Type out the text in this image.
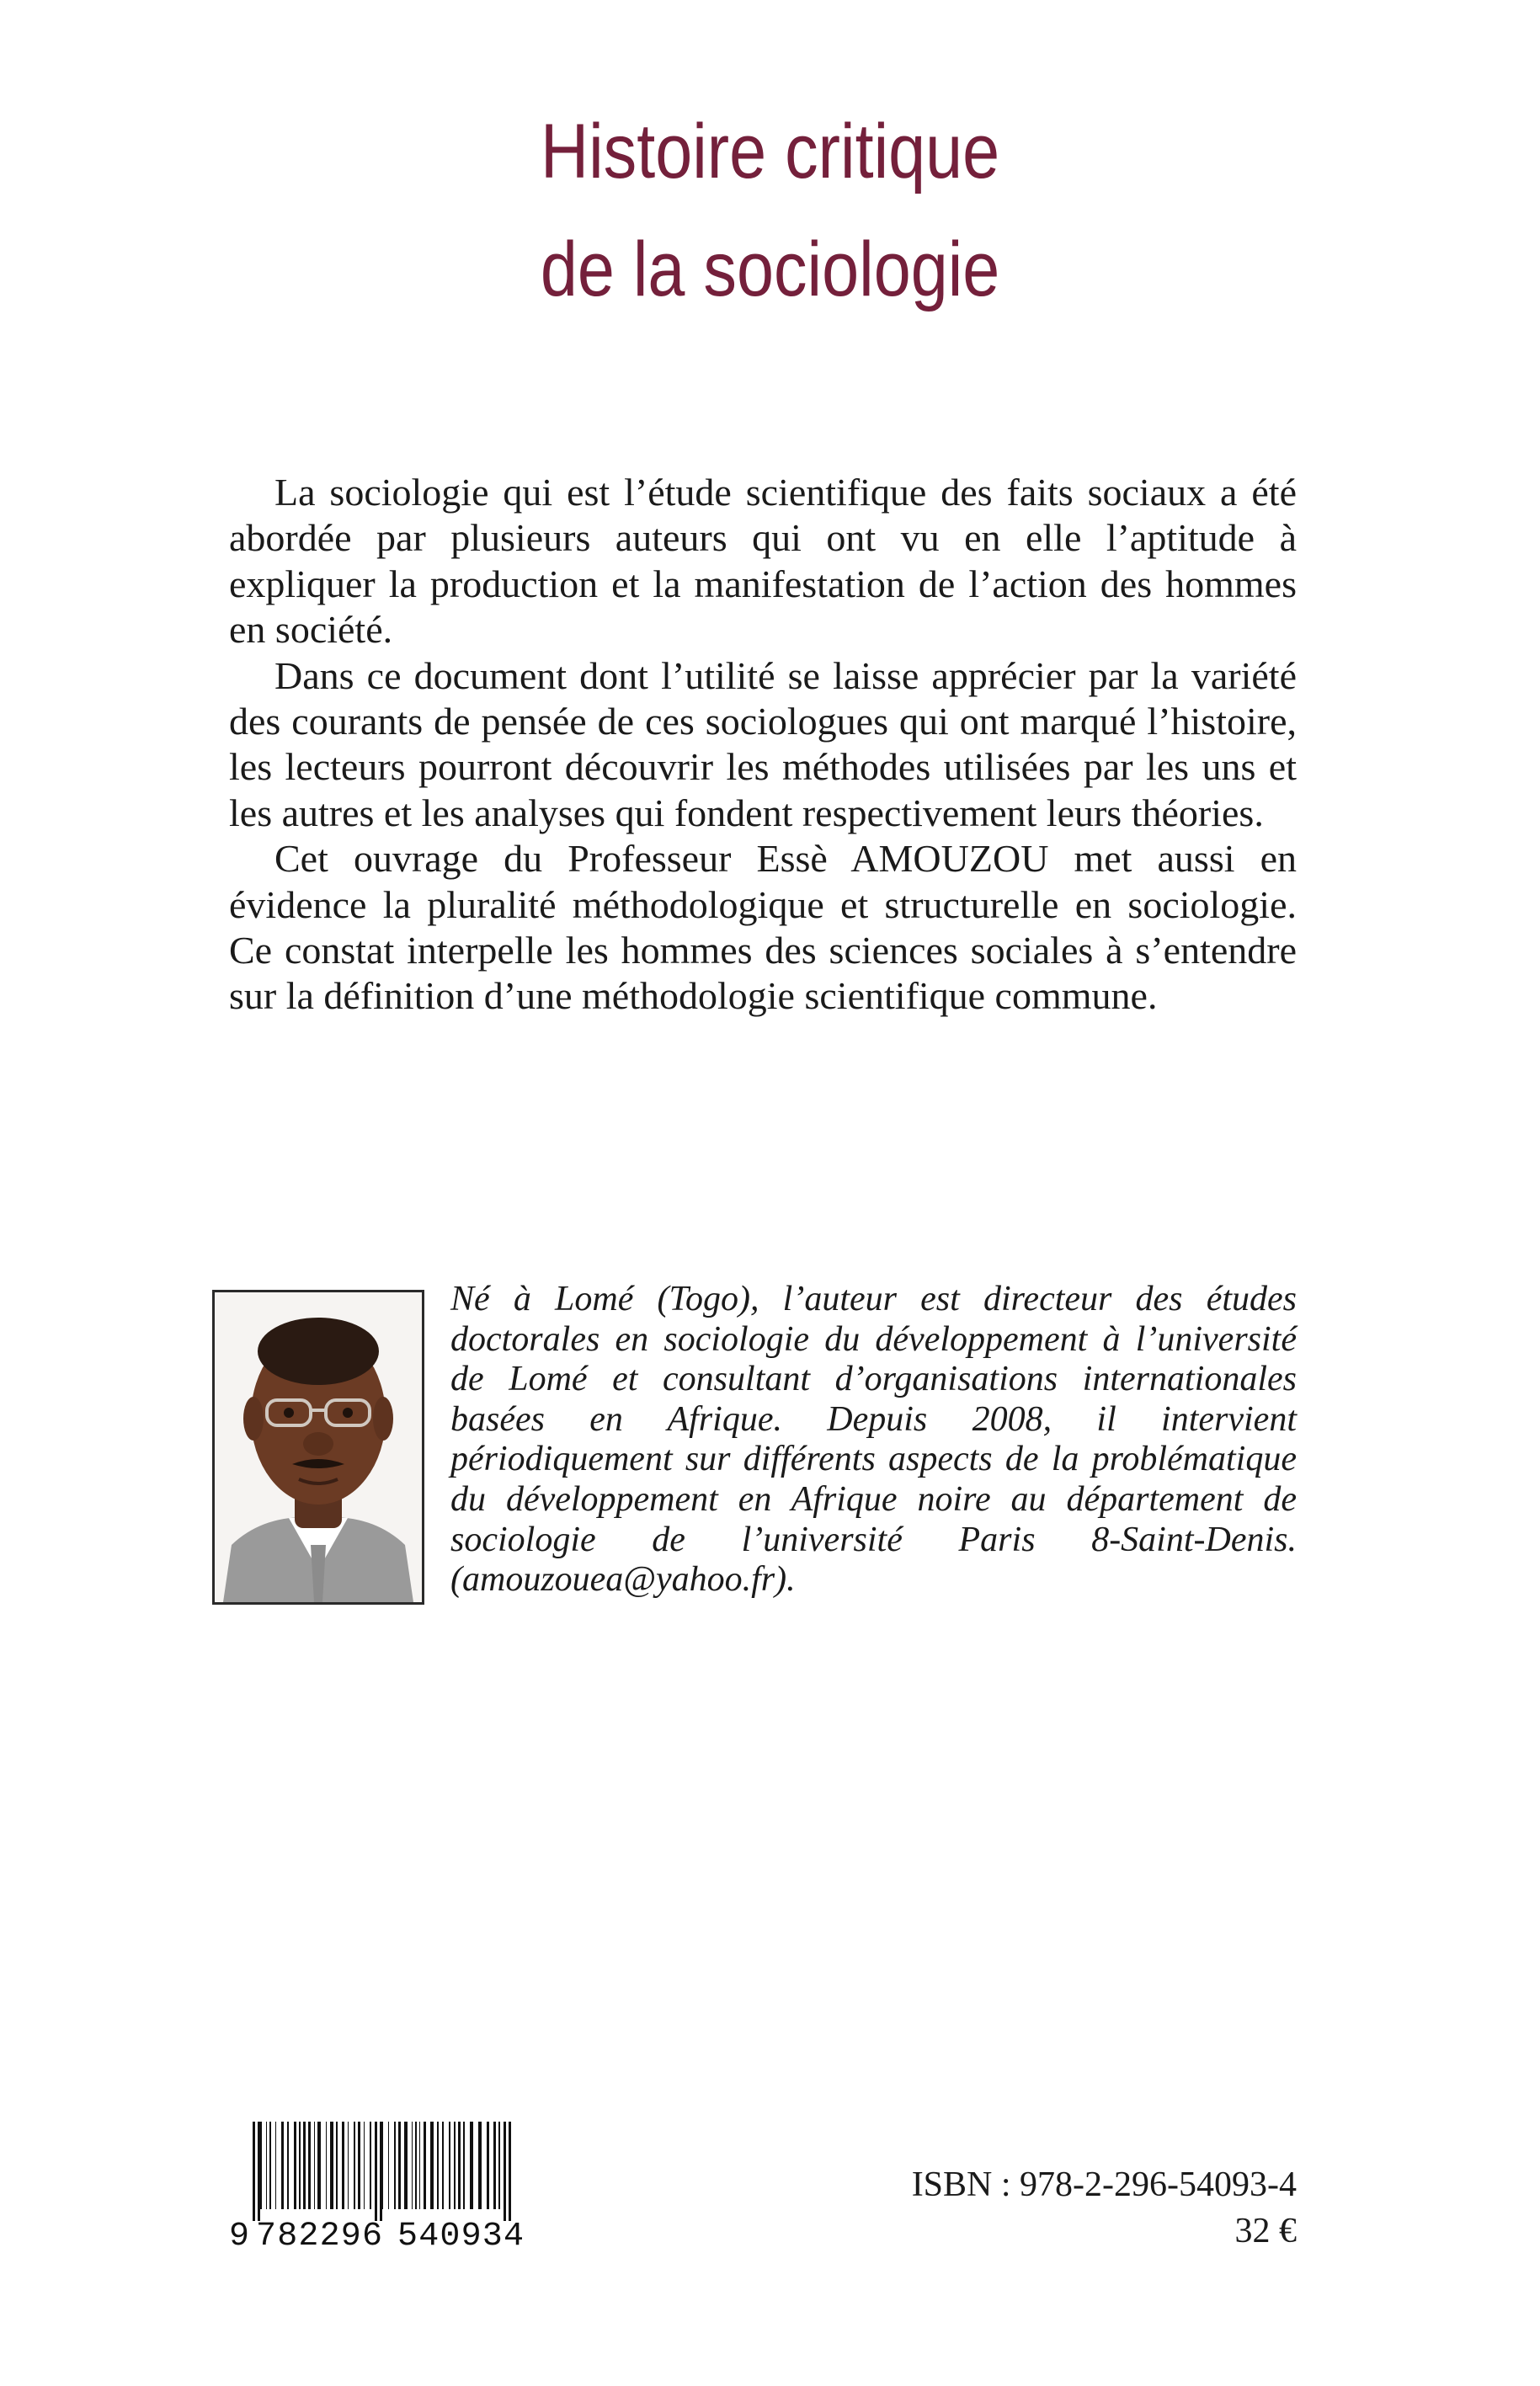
Histoire critique
de la sociologie

La sociologie qui est l’étude scientifique des faits sociaux a été abordée par plusieurs auteurs qui ont vu en elle l’aptitude à expliquer la production et la manifestation de l’action des hommes en société.

Dans ce document dont l’utilité se laisse apprécier par la variété des courants de pensée de ces sociologues qui ont marqué l’histoire, les lecteurs pourront découvrir les méthodes utilisées par les uns et les autres et les analyses qui fondent respectivement leurs théories.

Cet ouvrage du Professeur Essè AMOUZOU met aussi en évidence la pluralité méthodologique et structurelle en sociologie. Ce constat interpelle les hommes des sciences sociales à s’entendre sur la définition d’une méthodologie scientifique commune.

Né à Lomé (Togo), l’auteur est directeur des études doctorales en sociologie du développement à l’université de Lomé et consultant d’organisations internationales basées en Afrique. Depuis 2008, il intervient périodiquement sur différents aspects de la problématique du développement en Afrique noire au département de sociologie de l’université Paris 8-Saint-Denis. (amouzouea@yahoo.fr).

9 782296 540934
ISBN : 978-2-296-54093-4
32 €
